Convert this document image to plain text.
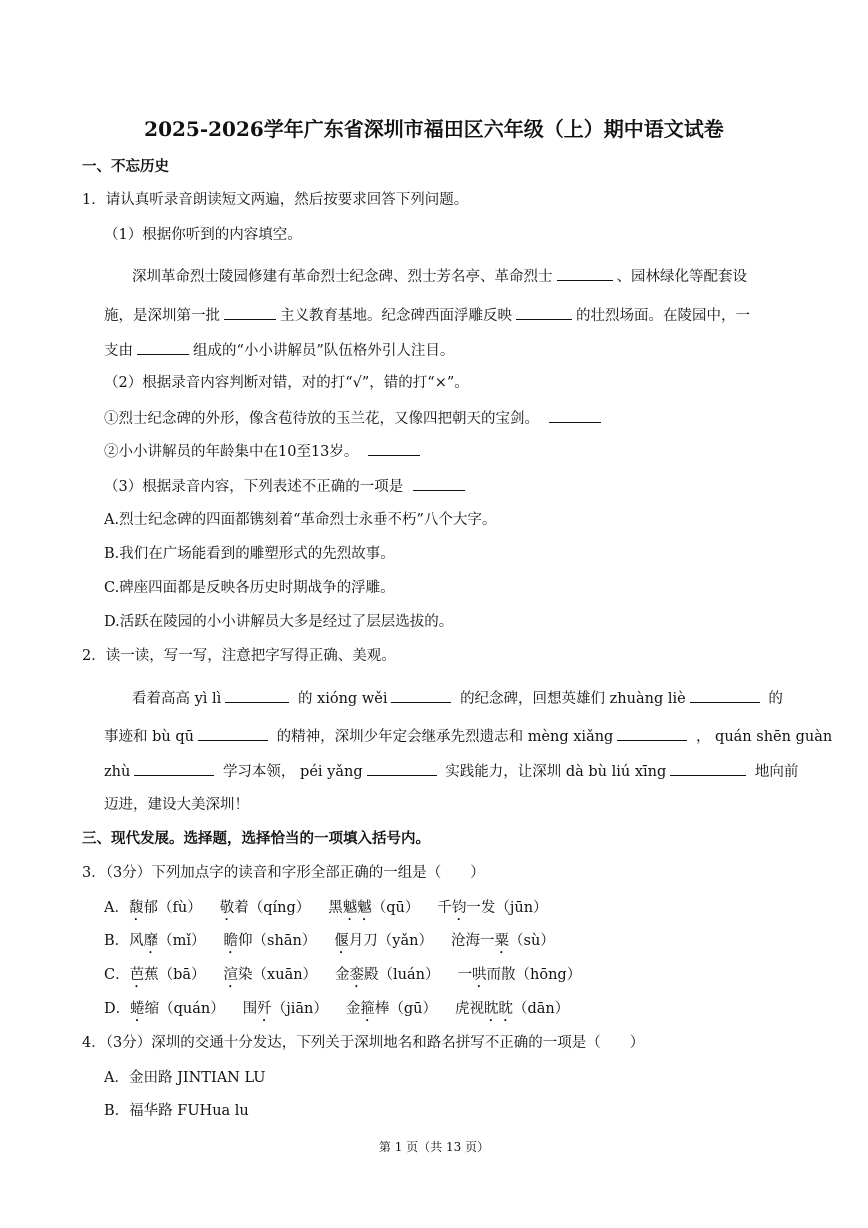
2025-2026学年广东省深圳市福田区六年级（上）期中语文试卷
一、不忘历史
1．请认真听录音朗读短文两遍，然后按要求回答下列问题。
（1）根据你听到的内容填空。
深圳革命烈士陵园修建有革命烈士纪念碑、烈士芳名亭、革命烈士	、园林绿化等配套设
施，是深圳第一批	主义教育基地。纪念碑西面浮雕反映	的壮烈场面。在陵园中，一
支由	组成的“小小讲解员”队伍格外引人注目。
（2）根据录音内容判断对错，对的打“√”，错的打“×”。
①烈士纪念碑的外形，像含苞待放的玉兰花，又像四把朝天的宝剑。
②小小讲解员的年龄集中在10至13岁。
（3）根据录音内容，下列表述不正确的一项是
A.烈士纪念碑的四面都镌刻着“革命烈士永垂不朽”八个大字。
B.我们在广场能看到的雕塑形式的先烈故事。
C.碑座四面都是反映各历史时期战争的浮雕。
D.活跃在陵园的小小讲解员大多是经过了层层选拔的。
2．读一读，写一写，注意把字写得正确、美观。
看着高高 yì lì	的 xióng wěi	的纪念碑，回想英雄们 zhuàng liè	的
事迹和 bù qū	的精神，深圳少年定会继承先烈遗志和 mèng xiǎng	， quán shēn guàn
zhù	学习本领， péi yǎng	实践能力，让深圳 dà bù liú xīng	地向前
迈进，建设大美深圳！
三、现代发展。选择题，选择恰当的一项填入括号内。
3．（3分）下列加点字的读音和字形全部正确的一组是（　　）
A．馥郁（fù） 敬着（qíng） 黑魆魆（qū） 千钧一发（jūn）
B．风靡（mǐ） 瞻仰（shān） 偃月刀（yǎn） 沧海一粟（sù）
C．芭蕉（bā） 渲染（xuān） 金銮殿（luán） 一哄而散（hōng）
D．蜷缩（quán） 围歼（jiān） 金箍棒（gū） 虎视眈眈（dān）
4．（3分）深圳的交通十分发达，下列关于深圳地名和路名拼写不正确的一项是（　　）
A．金田路 JINTIAN LU
B．福华路 FUHua lu
第 1 页（共 13 页）
